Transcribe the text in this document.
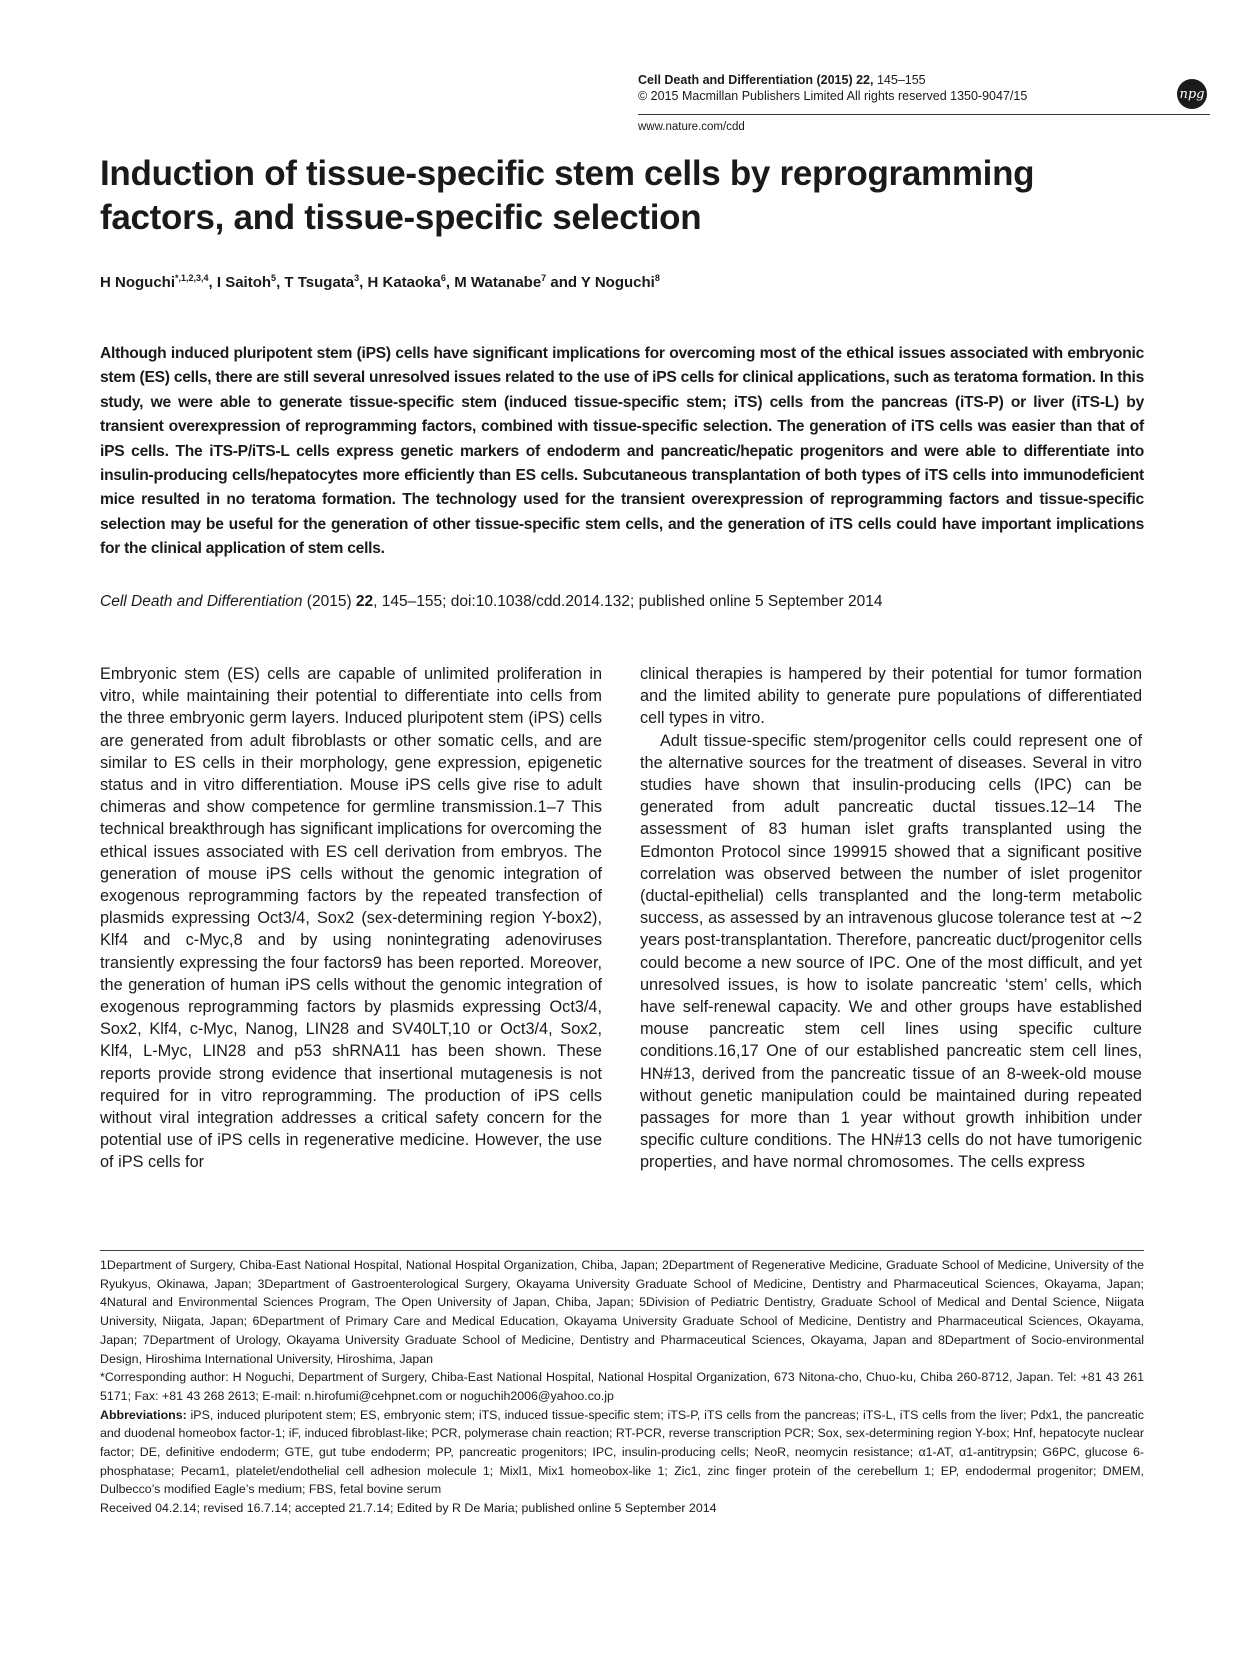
Cell Death and Differentiation (2015) 22, 145–155
© 2015 Macmillan Publishers Limited All rights reserved 1350-9047/15
www.nature.com/cdd
npg
Induction of tissue-specific stem cells by reprogramming factors, and tissue-specific selection
H Noguchi$^{*,1,2,3,4}$, I Saitoh$^5$, T Tsugata$^3$, H Kataoka$^6$, M Watanabe$^7$ and Y Noguchi$^8$

Although induced pluripotent stem (iPS) cells have significant implications for overcoming most of the ethical issues associated with embryonic stem (ES) cells, there are still several unresolved issues related to the use of iPS cells for clinical applications, such as teratoma formation. In this study, we were able to generate tissue-specific stem (induced tissue-specific stem; iTS) cells from the pancreas (iTS-P) or liver (iTS-L) by transient overexpression of reprogramming factors, combined with tissue-specific selection. The generation of iTS cells was easier than that of iPS cells. The iTS-P/iTS-L cells express genetic markers of endoderm and pancreatic/hepatic progenitors and were able to differentiate into insulin-producing cells/hepatocytes more efficiently than ES cells. Subcutaneous transplantation of both types of iTS cells into immunodeficient mice resulted in no teratoma formation. The technology used for the transient overexpression of reprogramming factors and tissue-specific selection may be useful for the generation of other tissue-specific stem cells, and the generation of iTS cells could have important implications for the clinical application of stem cells.

Cell Death and Differentiation (2015) 22, 145–155; doi:10.1038/cdd.2014.132; published online 5 September 2014

Embryonic stem (ES) cells are capable of unlimited proliferation in vitro, while maintaining their potential to differentiate into cells from the three embryonic germ layers. Induced pluripotent stem (iPS) cells are generated from adult fibroblasts or other somatic cells, and are similar to ES cells in their morphology, gene expression, epigenetic status and in vitro differentiation. Mouse iPS cells give rise to adult chimeras and show competence for germline transmission.1–7 This technical breakthrough has significant implications for overcoming the ethical issues associated with ES cell derivation from embryos. The generation of mouse iPS cells without the genomic integration of exogenous reprogramming factors by the repeated transfection of plasmids expressing Oct3/4, Sox2 (sex-determining region Y-box2), Klf4 and c-Myc,8 and by using nonintegrating adenoviruses transiently expressing the four factors9 has been reported. Moreover, the generation of human iPS cells without the genomic integration of exogenous reprogramming factors by plasmids expressing Oct3/4, Sox2, Klf4, c-Myc, Nanog, LIN28 and SV40LT,10 or Oct3/4, Sox2, Klf4, L-Myc, LIN28 and p53 shRNA11 has been shown. These reports provide strong evidence that insertional mutagenesis is not required for in vitro reprogramming. The production of iPS cells without viral integration addresses a critical safety concern for the potential use of iPS cells in regenerative medicine. However, the use of iPS cells for

clinical therapies is hampered by their potential for tumor formation and the limited ability to generate pure populations of differentiated cell types in vitro.

Adult tissue-specific stem/progenitor cells could represent one of the alternative sources for the treatment of diseases. Several in vitro studies have shown that insulin-producing cells (IPC) can be generated from adult pancreatic ductal tissues.12–14 The assessment of 83 human islet grafts transplanted using the Edmonton Protocol since 199915 showed that a significant positive correlation was observed between the number of islet progenitor (ductal-epithelial) cells transplanted and the long-term metabolic success, as assessed by an intravenous glucose tolerance test at ∼2 years post-transplantation. Therefore, pancreatic duct/progenitor cells could become a new source of IPC. One of the most difficult, and yet unresolved issues, is how to isolate pancreatic ‘stem’ cells, which have self-renewal capacity. We and other groups have established mouse pancreatic stem cell lines using specific culture conditions.16,17 One of our established pancreatic stem cell lines, HN#13, derived from the pancreatic tissue of an 8-week-old mouse without genetic manipulation could be maintained during repeated passages for more than 1 year without growth inhibition under specific culture conditions. The HN#13 cells do not have tumorigenic properties, and have normal chromosomes. The cells express

1Department of Surgery, Chiba-East National Hospital, National Hospital Organization, Chiba, Japan; 2Department of Regenerative Medicine, Graduate School of Medicine, University of the Ryukyus, Okinawa, Japan; 3Department of Gastroenterological Surgery, Okayama University Graduate School of Medicine, Dentistry and Pharmaceutical Sciences, Okayama, Japan; 4Natural and Environmental Sciences Program, The Open University of Japan, Chiba, Japan; 5Division of Pediatric Dentistry, Graduate School of Medical and Dental Science, Niigata University, Niigata, Japan; 6Department of Primary Care and Medical Education, Okayama University Graduate School of Medicine, Dentistry and Pharmaceutical Sciences, Okayama, Japan; 7Department of Urology, Okayama University Graduate School of Medicine, Dentistry and Pharmaceutical Sciences, Okayama, Japan and 8Department of Socio-environmental Design, Hiroshima International University, Hiroshima, Japan

*Corresponding author: H Noguchi, Department of Surgery, Chiba-East National Hospital, National Hospital Organization, 673 Nitona-cho, Chuo-ku, Chiba 260-8712, Japan. Tel: +81 43 261 5171; Fax: +81 43 268 2613; E-mail: n.hirofumi@cehpnet.com or noguchih2006@yahoo.co.jp

Abbreviations: iPS, induced pluripotent stem; ES, embryonic stem; iTS, induced tissue-specific stem; iTS-P, iTS cells from the pancreas; iTS-L, iTS cells from the liver; Pdx1, the pancreatic and duodenal homeobox factor-1; iF, induced fibroblast-like; PCR, polymerase chain reaction; RT-PCR, reverse transcription PCR; Sox, sex-determining region Y-box; Hnf, hepatocyte nuclear factor; DE, definitive endoderm; GTE, gut tube endoderm; PP, pancreatic progenitors; IPC, insulin-producing cells; NeoR, neomycin resistance; α1-AT, α1-antitrypsin; G6PC, glucose 6-phosphatase; Pecam1, platelet/endothelial cell adhesion molecule 1; Mixl1, Mix1 homeobox-like 1; Zic1, zinc finger protein of the cerebellum 1; EP, endodermal progenitor; DMEM, Dulbecco’s modified Eagle’s medium; FBS, fetal bovine serum

Received 04.2.14; revised 16.7.14; accepted 21.7.14; Edited by R De Maria; published online 5 September 2014
